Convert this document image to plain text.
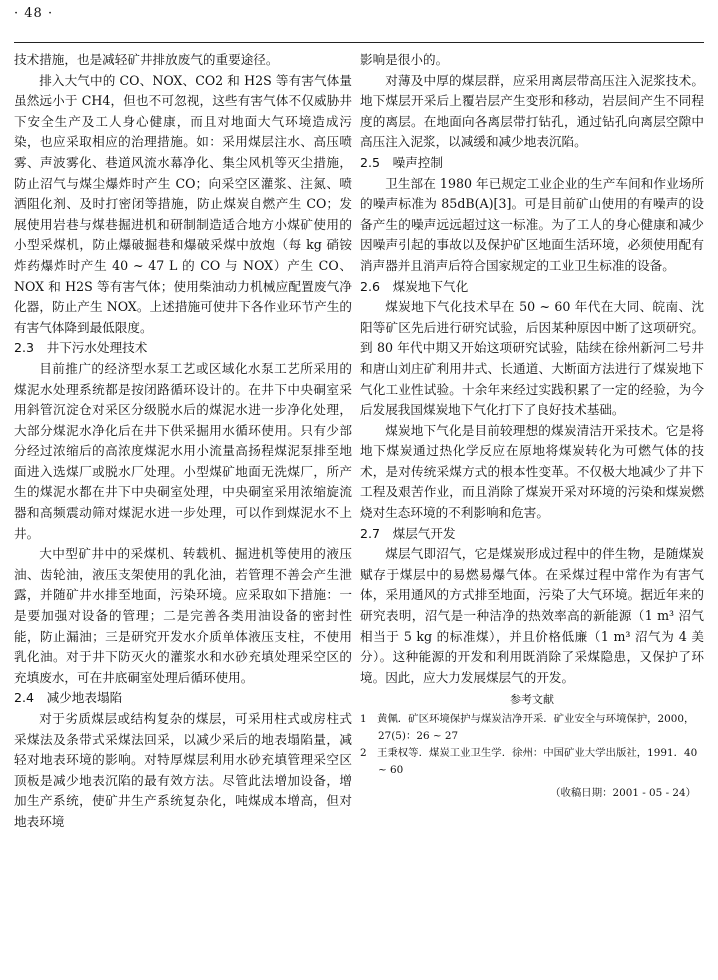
· 48 ·

技术措施，也是减轻矿井排放废气的重要途径。

排入大气中的 CO、NOX、CO2 和 H2S 等有害气体量虽然远小于 CH4，但也不可忽视，这些有害气体不仅威胁井下安全生产及工人身心健康，而且对地面大气环境造成污染，也应采取相应的治理措施。如：采用煤层注水、高压喷雾、声波雾化、巷道风流水幕净化、集尘风机等灭尘措施，防止沼气与煤尘爆炸时产生 CO；向采空区灌浆、注氮、喷洒阻化剂、及时打密闭等措施，防止煤炭自燃产生 CO；发展使用岩巷与煤巷掘进机和研制制造适合地方小煤矿使用的小型采煤机，防止爆破掘巷和爆破采煤中放炮（每 kg 硝铵炸药爆炸时产生 40 ~ 47 L 的 CO 与 NOX）产生 CO、NOX 和 H2S 等有害气体；使用柴油动力机械应配置废气净化器，防止产生 NOX。上述措施可使井下各作业环节产生的有害气体降到最低限度。

2.3　井下污水处理技术

目前推广的经济型水泵工艺或区域化水泵工艺所采用的煤泥水处理系统都是按闭路循环设计的。在井下中央硐室采用斜管沉淀仓对采区分级脱水后的煤泥水进一步净化处理，大部分煤泥水净化后在井下供采掘用水循环使用。只有少部分经过浓缩后的高浓度煤泥水用小流量高扬程煤泥泵排至地面进入选煤厂或脱水厂处理。小型煤矿地面无洗煤厂，所产生的煤泥水都在井下中央硐室处理，中央硐室采用浓缩旋流器和高频震动筛对煤泥水进一步处理，可以作到煤泥水不上井。

大中型矿井中的采煤机、转载机、掘进机等使用的液压油、齿轮油，液压支架使用的乳化油，若管理不善会产生泄露，并随矿井水排至地面，污染环境。应采取如下措施：一是要加强对设备的管理；二是完善各类用油设备的密封性能，防止漏油；三是研究开发水介质单体液压支柱，不使用乳化油。对于井下防灭火的灌浆水和水砂充填处理采空区的充填废水，可在井底硐室处理后循环使用。

2.4　减少地表塌陷

对于劣质煤层或结构复杂的煤层，可采用柱式或房柱式采煤法及条带式采煤法回采，以减少采后的地表塌陷量，减轻对地表环境的影响。对特厚煤层利用水砂充填管理采空区顶板是减少地表沉陷的最有效方法。尽管此法增加设备，增加生产系统，使矿井生产系统复杂化，吨煤成本增高，但对地表环境

影响是很小的。

对薄及中厚的煤层群，应采用离层带高压注入泥浆技术。地下煤层开采后上覆岩层产生变形和移动，岩层间产生不同程度的离层。在地面向各离层带打钻孔，通过钻孔向离层空隙中高压注入泥浆，以减缓和减少地表沉陷。

2.5　噪声控制

卫生部在 1980 年已规定工业企业的生产车间和作业场所的噪声标准为 85dB(A)[3]。可是目前矿山使用的有噪声的设备产生的噪声远远超过这一标准。为了工人的身心健康和减少因噪声引起的事故以及保护矿区地面生活环境，必须使用配有消声器并且消声后符合国家规定的工业卫生标准的设备。

2.6　煤炭地下气化

煤炭地下气化技术早在 50 ~ 60 年代在大同、皖南、沈阳等矿区先后进行研究试验，后因某种原因中断了这项研究。到 80 年代中期又开始这项研究试验，陆续在徐州新河二号井和唐山刘庄矿利用井式、长通道、大断面方法进行了煤炭地下气化工业性试验。十余年来经过实践积累了一定的经验，为今后发展我国煤炭地下气化打下了良好技术基础。

煤炭地下气化是目前较理想的煤炭清洁开采技术。它是将地下煤炭通过热化学反应在原地将煤炭转化为可燃气体的技术，是对传统采煤方式的根本性变革。不仅极大地减少了井下工程及艰苦作业，而且消除了煤炭开采对环境的污染和煤炭燃烧对生态环境的不利影响和危害。

2.7　煤层气开发

煤层气即沼气，它是煤炭形成过程中的伴生物，是随煤炭赋存于煤层中的易燃易爆气体。在采煤过程中常作为有害气体，采用通风的方式排至地面，污染了大气环境。据近年来的研究表明，沼气是一种洁净的热效率高的新能源（1 m³ 沼气相当于 5 kg 的标准煤），并且价格低廉（1 m³ 沼气为 4 美分）。这种能源的开发和利用既消除了采煤隐患，又保护了环境。因此，应大力发展煤层气的开发。

参考文献

1　黄佩．矿区环境保护与煤炭洁净开采．矿业安全与环境保护，2000，27(5)：26 ~ 27

2　王秉权等．煤炭工业卫生学．徐州：中国矿业大学出版社，1991．40 ~ 60

（收稿日期：2001 - 05 - 24）
